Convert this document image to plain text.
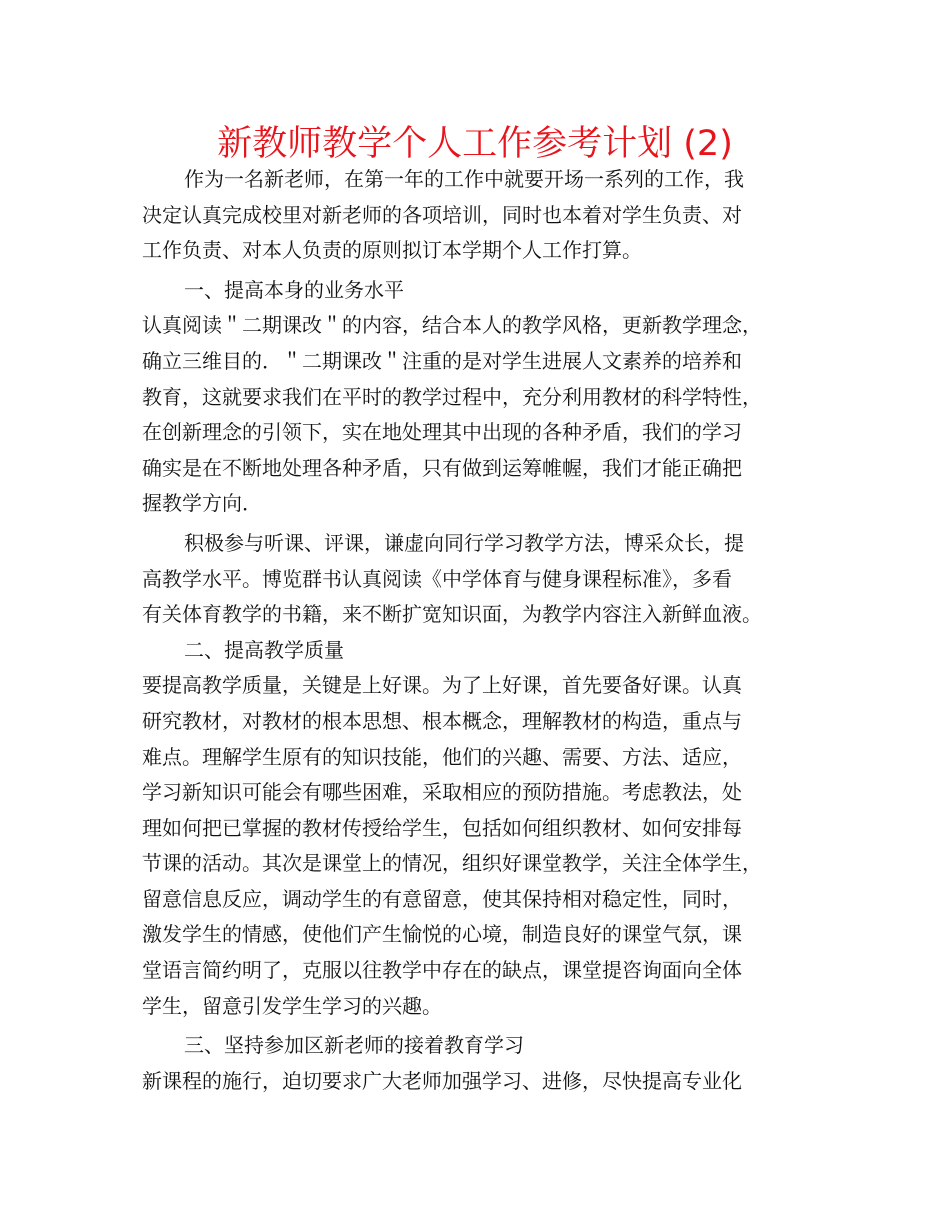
新教师教学个人工作参考计划 (2)

作为一名新老师，在第一年的工作中就要开场一系列的工作，我

决定认真完成校里对新老师的各项培训，同时也本着对学生负责、对

工作负责、对本人负责的原则拟订本学期个人工作打算。

一、提高本身的业务水平

认真阅读＂二期课改＂的内容，结合本人的教学风格，更新教学理念，

确立三维目的．＂二期课改＂注重的是对学生进展人文素养的培养和

教育，这就要求我们在平时的教学过程中，充分利用教材的科学特性，

在创新理念的引领下，实在地处理其中出现的各种矛盾，我们的学习

确实是在不断地处理各种矛盾，只有做到运筹帷幄，我们才能正确把

握教学方向．

积极参与听课、评课，谦虚向同行学习教学方法，博采众长，提

高教学水平。博览群书认真阅读《中学体育与健身课程标准》，多看

有关体育教学的书籍，来不断扩宽知识面，为教学内容注入新鲜血液。

二、提高教学质量

要提高教学质量，关键是上好课。为了上好课，首先要备好课。认真

研究教材，对教材的根本思想、根本概念，理解教材的构造，重点与

难点。理解学生原有的知识技能，他们的兴趣、需要、方法、适应，

学习新知识可能会有哪些困难，采取相应的预防措施。考虑教法，处

理如何把已掌握的教材传授给学生，包括如何组织教材、如何安排每

节课的活动。其次是课堂上的情况，组织好课堂教学，关注全体学生，

留意信息反应，调动学生的有意留意，使其保持相对稳定性，同时，

激发学生的情感，使他们产生愉悦的心境，制造良好的课堂气氛，课

堂语言简约明了，克服以往教学中存在的缺点，课堂提咨询面向全体

学生，留意引发学生学习的兴趣。

三、坚持参加区新老师的接着教育学习

新课程的施行，迫切要求广大老师加强学习、进修，尽快提高专业化
